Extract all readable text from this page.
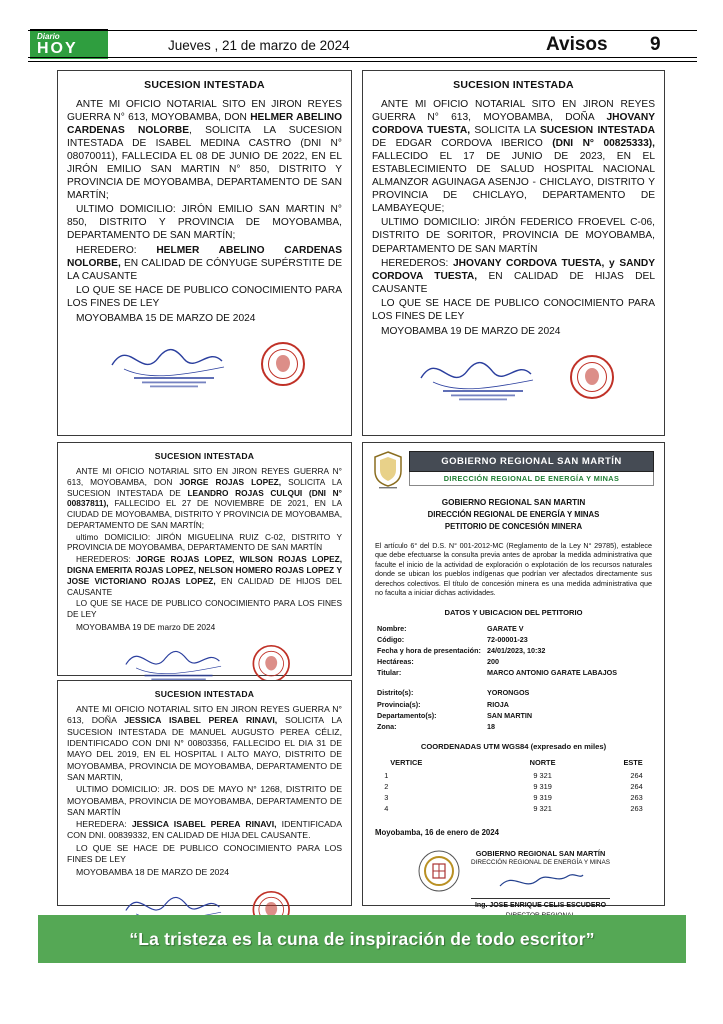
Diario
HOY	Jueves , 21 de marzo de 2024	Avisos 9
SUCESION INTESTADA

ANTE MI OFICIO NOTARIAL SITO EN JIRON REYES GUERRA N° 613, MOYOBAMBA, DON HELMER ABELINO CARDENAS NOLORBE, SOLICITA LA SUCESION INTESTADA DE ISABEL MEDINA CASTRO (DNI N° 08070011), FALLECIDA EL 08 DE JUNIO DE 2022, EN EL JIRÓN EMILIO SAN MARTIN N° 850, DISTRITO Y PROVINCIA DE MOYOBAMBA, DEPARTAMENTO DE SAN MARTÍN;

ULTIMO DOMICILIO: JIRÓN EMILIO SAN MARTIN N° 850, DISTRITO Y PROVINCIA DE MOYOBAMBA, DEPARTAMENTO DE SAN MARTÍN;

HEREDERO: HELMER ABELINO CARDENAS NOLORBE, EN CALIDAD DE CÓNYUGE SUPÉRSTITE DE LA CAUSANTE

LO QUE SE HACE DE PUBLICO CONOCIMIENTO PARA LOS FINES DE LEY

MOYOBAMBA 15 DE MARZO DE 2024

SUCESION INTESTADA

ANTE MI OFICIO NOTARIAL SITO EN JIRON REYES GUERRA N° 613, MOYOBAMBA, DOÑA JHOVANY CORDOVA TUESTA, SOLICITA LA SUCESION INTESTADA DE EDGAR CORDOVA IBERICO (DNI N° 00825333), FALLECIDO EL 17 DE JUNIO DE 2023, EN EL ESTABLECIMIENTO DE SALUD HOSPITAL NACIONAL ALMANZOR AGUINAGA ASENJO - CHICLAYO, DISTRITO Y PROVINCIA DE CHICLAYO, DEPARTAMENTO DE LAMBAYEQUE;

ULTIMO DOMICILIO: JIRÓN FEDERICO FROEVEL C-06, DISTRITO DE SORITOR, PROVINCIA DE MOYOBAMBA, DEPARTAMENTO DE SAN MARTÍN

HEREDEROS: JHOVANY CORDOVA TUESTA, y SANDY CORDOVA TUESTA, EN CALIDAD DE HIJAS DEL CAUSANTE

LO QUE SE HACE DE PUBLICO CONOCIMIENTO PARA LOS FINES DE LEY

MOYOBAMBA 19 DE MARZO DE 2024

SUCESION INTESTADA

ANTE MI OFICIO NOTARIAL SITO EN JIRON REYES GUERRA N° 613, MOYOBAMBA, DON JORGE ROJAS LOPEZ, SOLICITA LA SUCESION INTESTADA DE LEANDRO ROJAS CULQUI (DNI N° 00837811), FALLECIDO EL 27 DE NOVIEMBRE DE 2021, EN LA CIUDAD DE MOYOBAMBA, DISTRITO Y PROVINCIA DE MOYOBAMBA, DEPARTAMENTO DE SAN MARTÍN;

ultimo DOMICILIO: JIRÓN MIGUELINA RUIZ C-02, DISTRITO Y PROVINCIA DE MOYOBAMBA, DEPARTAMENTO DE SAN MARTÍN

HEREDEROS: JORGE ROJAS LOPEZ, WILSON ROJAS LOPEZ, DIGNA EMERITA ROJAS LOPEZ, NELSON HOMERO ROJAS LOPEZ Y JOSE VICTORIANO ROJAS LOPEZ, EN CALIDAD DE HIJOS DEL CAUSANTE

LO QUE SE HACE DE PUBLICO CONOCIMIENTO PARA LOS FINES DE LEY

MOYOBAMBA 19 DE marzo DE 2024

SUCESION INTESTADA

ANTE MI OFICIO NOTARIAL SITO EN JIRON REYES GUERRA N° 613, DOÑA JESSICA ISABEL PEREA RINAVI, SOLICITA LA SUCESION INTESTADA DE MANUEL AUGUSTO PEREA CÉLIZ, IDENTIFICADO CON DNI N° 00803356, FALLECIDO EL DIA 31 DE MAYO DEL 2019, EN EL HOSPITAL I ALTO MAYO, DISTRITO DE MOYOBAMBA, PROVINCIA DE MOYOBAMBA, DEPARTAMENTO DE SAN MARTIN,

ULTIMO DOMICILIO: JR. DOS DE MAYO N° 1268, DISTRITO DE MOYOBAMBA, PROVINCIA DE MOYOBAMBA, DEPARTAMENTO DE SAN MARTÍN

HEREDERA: JESSICA ISABEL PEREA RINAVI, IDENTIFICADA CON DNI. 00839332, EN CALIDAD DE HIJA DEL CAUSANTE.

LO QUE SE HACE DE PUBLICO CONOCIMIENTO PARA LOS FINES DE LEY

MOYOBAMBA 18 DE MARZO DE 2024

GOBIERNO REGIONAL SAN MARTÍN
DIRECCIÓN REGIONAL DE ENERGÍA Y MINAS
GOBIERNO REGIONAL SAN MARTIN
DIRECCIÓN REGIONAL DE ENERGÍA Y MINAS
PETITORIO DE CONCESIÓN MINERA

El artículo 6° del D.S. N° 001-2012-MC (Reglamento de la Ley N° 29785), establece que debe efectuarse la consulta previa antes de aprobar la medida administrativa que faculte el inicio de la actividad de exploración o explotación de los recursos naturales donde se ubican los pueblos indígenas que podrían ver afectados directamente sus derechos colectivos. El título de concesión minera es una medida administrativa que no faculta a iniciar dichas actividades.

DATOS Y UBICACION DEL PETITORIO
Nombre:	GARATE V
Código:	72-00001-23
Fecha y hora de presentación: 24/01/2023, 10:32
Hectáreas:	200
Titular:	MARCO ANTONIO GARATE LABAJOS
Distrito(s):	YORONGOS
Provincia(s):	RIOJA
Departamento(s):	SAN MARTIN
Zona:	18
COORDENADAS UTM WGS84 (expresado en miles)
VERTICE	NORTE	ESTE
1	9 321	264
2	9 319	264
3	9 319	263
4	9 321	263
Moyobamba, 16 de enero de 2024
GOBIERNO REGIONAL SAN MARTÍN
DIRECCIÓN REGIONAL DE ENERGÍA Y MINAS
Ing. JOSE ENRIQUE CELIS ESCUDERO
“La tristeza es la cuna de inspiración de todo escritor”
